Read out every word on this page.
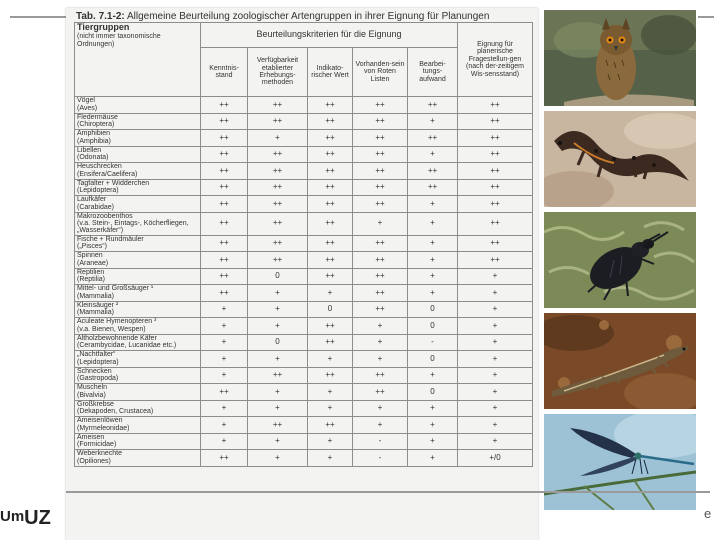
Tab. 7.1-2: Allgemeine Beurteilung zoologischer Artengruppen in ihrer Eignung für Planungen
Tiergruppen
(nicht immer taxonomische Ordnungen)	Beurteilungskriterien für die Eignung					Eignung für planerische Fragestellun-gen (nach der-zeitigem Wis-sensstand)
	Kenntnis-stand	Verfügbarkeit etablierter Erhebungs-methoden	Indikato-rischer Wert	Vorhanden-sein von Roten Listen	Bearbei-tungs-aufwand	

Vögel
(Aves)	++	++	++	++	++	++

Fledermäuse
(Chiroptera)	++	++	++	++	+	++

Amphibien
(Amphibia)	++	+	++	++	++	++

Libellen
(Odonata)	++	++	++	++	+	++

Heuschrecken
(Ensifera/Caelifera)	++	++	++	++	++	++

Tagfalter + Widderchen
(Lepidoptera)	++	++	++	++	++	++

Laufkäfer
(Carabidae)	++	++	++	++	+	++

Makrozoobenthos
(v.a. Stein-, Eintags-, Köcherfliegen, „Wasserkäfer“)	++	++	++	+	+	++

Fische + Rundmäuler
(„Pisces“)	++	++	++	++	+	++

Spinnen
(Araneae)	++	++	++	++	+	++

Reptilien
(Reptilia)	++	0	++	++	+	+

Mittel- und Großsäuger ¹
(Mammalia)	++	+	+	++	+	+

Kleinsäuger ²
(Mammalia)	+	+	0	++	0	+

Aculeate Hymenopteren ³
(v.a. Bienen, Wespen)	+	+	++	+	0	+

Altholzbewohnende Käfer
(Cerambycidae, Lucanidae etc.)	+	0	++	+	-	+

„Nachtfalter“
(Lepidoptera)	+	+	+	+	0	+

Schnecken
(Gastropoda)	+	++	++	++	+	+

Muscheln
(Bivalvia)	++	+	+	++	0	+

Großkrebse
(Dekapoden, Crustacea)	+	+	+	+	+	+

Ameisenlöwen
(Myrmeleonidae)	+	++	++	+	+	+

Ameisen
(Formicidae)	+	+	+	-	+	+

Weberknechte
(Opiliones)	++	+	+	-	+	+/0
UmUZ	e
